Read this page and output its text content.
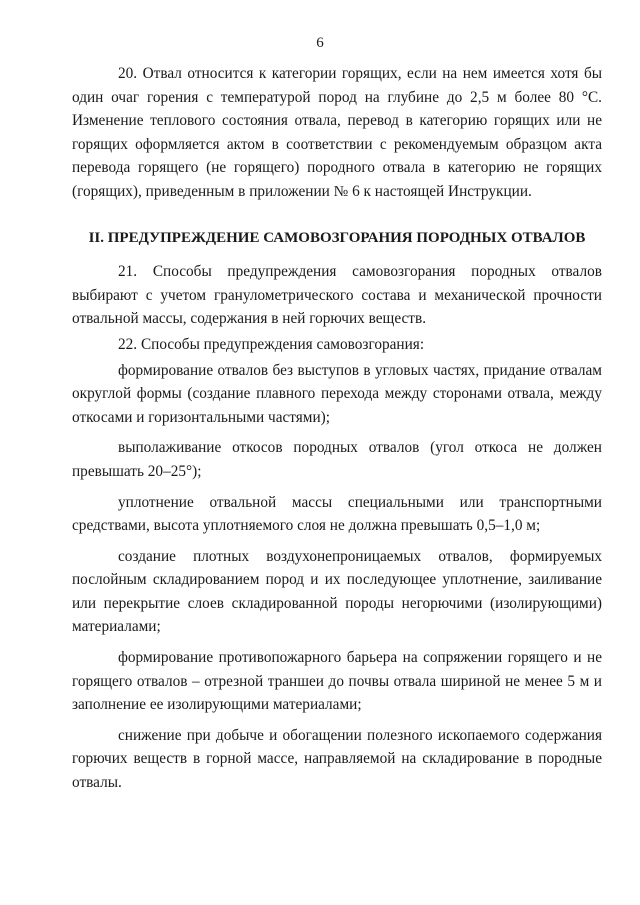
6

20. Отвал относится к категории горящих, если на нем имеется хотя бы один очаг горения с температурой пород на глубине до 2,5 м более 80 °С. Изменение теплового состояния отвала, перевод в категорию горящих или не горящих оформляется актом в соответствии с рекомендуемым образцом акта перевода горящего (не горящего) породного отвала в категорию не горящих (горящих), приведенным в приложении № 6 к настоящей Инструкции.

II. ПРЕДУПРЕЖДЕНИЕ САМОВОЗГОРАНИЯ ПОРОДНЫХ ОТВАЛОВ

21. Способы предупреждения самовозгорания породных отвалов выбирают с учетом гранулометрического состава и механической прочности отвальной массы, содержания в ней горючих веществ.

22. Способы предупреждения самовозгорания:

формирование отвалов без выступов в угловых частях, придание отвалам округлой формы (создание плавного перехода между сторонами отвала, между откосами и горизонтальными частями);

выполаживание откосов породных отвалов (угол откоса не должен превышать 20–25°);

уплотнение отвальной массы специальными или транспортными средствами, высота уплотняемого слоя не должна превышать 0,5–1,0 м;

создание плотных воздухонепроницаемых отвалов, формируемых послойным складированием пород и их последующее уплотнение, заиливание или перекрытие слоев складированной породы негорючими (изолирующими) материалами;

формирование противопожарного барьера на сопряжении горящего и не горящего отвалов – отрезной траншеи до почвы отвала шириной не менее 5 м и заполнение ее изолирующими материалами;

снижение при добыче и обогащении полезного ископаемого содержания горючих веществ в горной массе, направляемой на складирование в породные отвалы.
